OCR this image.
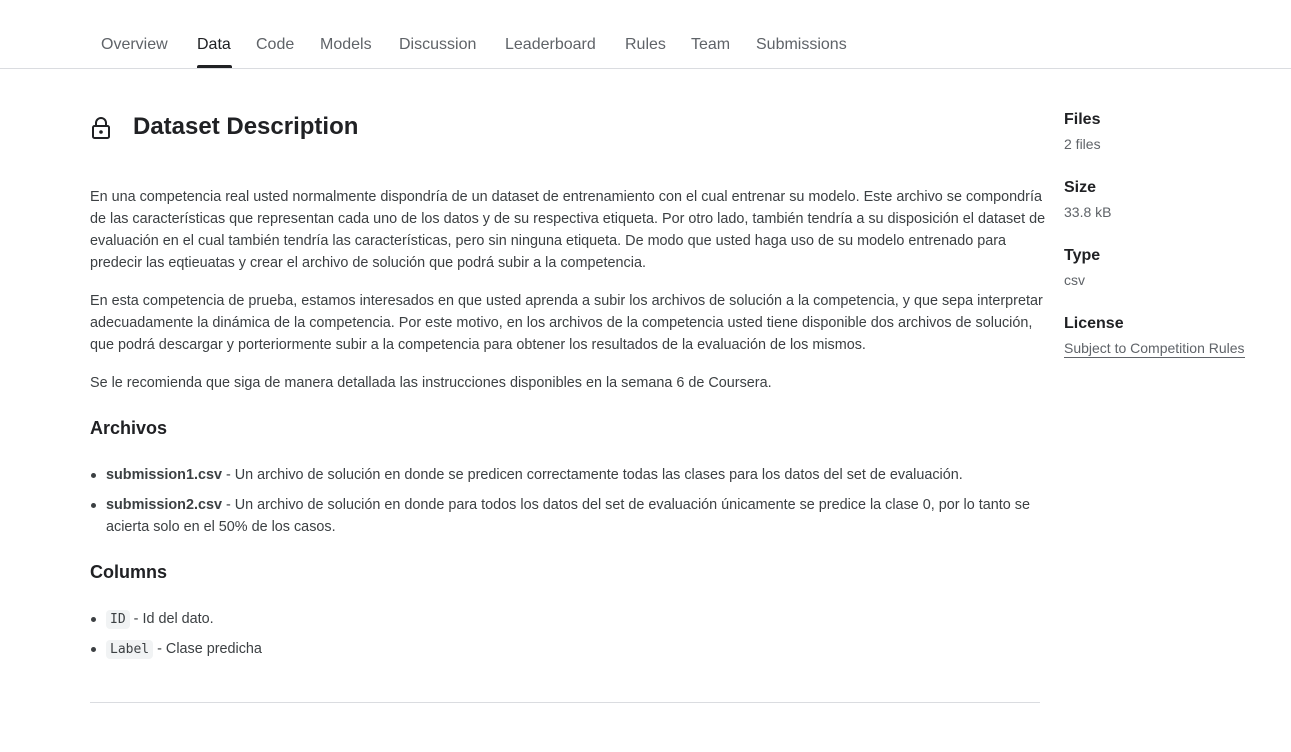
Overview Data Code Models Discussion Leaderboard Rules Team Submissions
Dataset Description

En una competencia real usted normalmente dispondría de un dataset de entrenamiento con el cual entrenar su modelo. Este archivo se compondría de las características que representan cada uno de los datos y de su respectiva etiqueta. Por otro lado, también tendría a su disposición el dataset de evaluación en el cual también tendría las características, pero sin ninguna etiqueta. De modo que usted haga uso de su modelo entrenado para predecir las eqtieuatas y crear el archivo de solución que podrá subir a la competencia.

En esta competencia de prueba, estamos interesados en que usted aprenda a subir los archivos de solución a la competencia, y que sepa interpretar adecuadamente la dinámica de la competencia. Por este motivo, en los archivos de la competencia usted tiene disponible dos archivos de solución, que podrá descargar y porteriormente subir a la competencia para obtener los resultados de la evaluación de los mismos.

Se le recomienda que siga de manera detallada las instrucciones disponibles en la semana 6 de Coursera.

Archivos
submission1.csv - Un archivo de solución en donde se predicen correctamente todas las clases para los datos del set de evaluación.
submission2.csv - Un archivo de solución en donde para todos los datos del set de evaluación únicamente se predice la clase 0, por lo tanto se acierta solo en el 50% de los casos.
Columns
ID - Id del dato.
Label - Clase predicha
Files
2 files
Size
33.8 kB
Type
csv
License
Subject to Competition Rules
